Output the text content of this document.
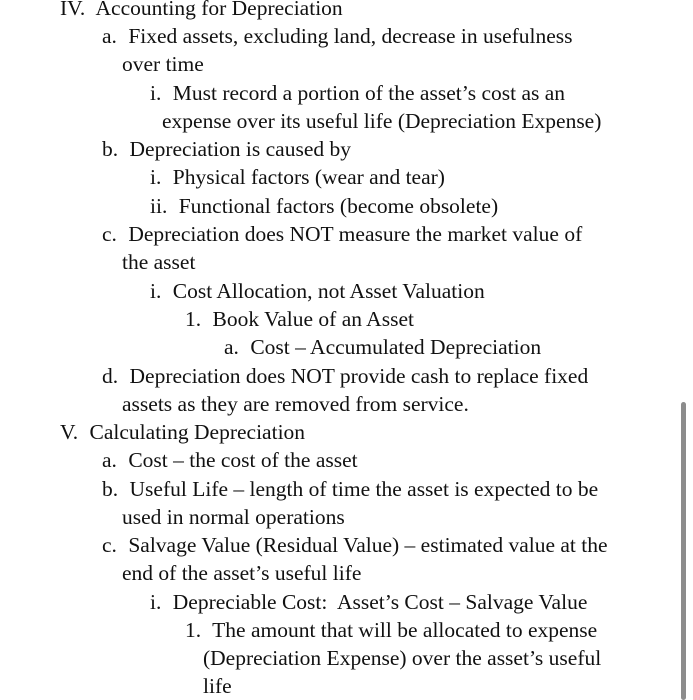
IV. Accounting for Depreciation
a. Fixed assets, excluding land, decrease in usefulness
over time
i. Must record a portion of the asset’s cost as an
expense over its useful life (Depreciation Expense)
b. Depreciation is caused by
i. Physical factors (wear and tear)
ii. Functional factors (become obsolete)
c. Depreciation does NOT measure the market value of
the asset
i. Cost Allocation, not Asset Valuation
1. Book Value of an Asset
a. Cost – Accumulated Depreciation
d. Depreciation does NOT provide cash to replace fixed
assets as they are removed from service.
V. Calculating Depreciation
a. Cost – the cost of the asset
b. Useful Life – length of time the asset is expected to be
used in normal operations
c. Salvage Value (Residual Value) – estimated value at the
end of the asset’s useful life
i. Depreciable Cost:  Asset’s Cost – Salvage Value
1. The amount that will be allocated to expense
(Depreciation Expense) over the asset’s useful
life
